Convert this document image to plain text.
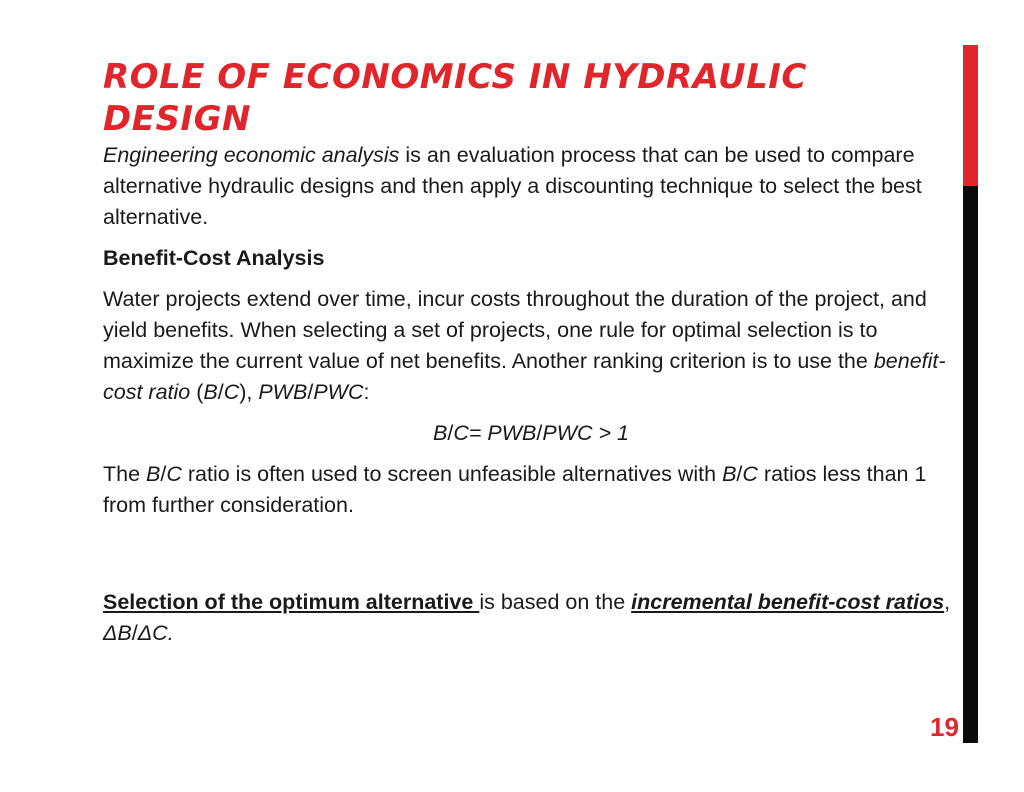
ROLE OF ECONOMICS IN HYDRAULIC DESIGN

Engineering economic analysis is an evaluation process that can be used to compare alternative hydraulic designs and then apply a discounting technique to select the best alternative.

Benefit-Cost Analysis

Water projects extend over time, incur costs throughout the duration of the project, and yield benefits. When selecting a set of projects, one rule for optimal selection is to maximize the current value of net benefits. Another ranking criterion is to use the benefit-cost ratio (B/C), PWB/PWC:

B/C= PWB/PWC > 1

The B/C ratio is often used to screen unfeasible alternatives with B/C ratios less than 1 from further consideration.

Selection of the optimum alternative is based on the incremental benefit-cost ratios, ΔB/ΔC.

19
